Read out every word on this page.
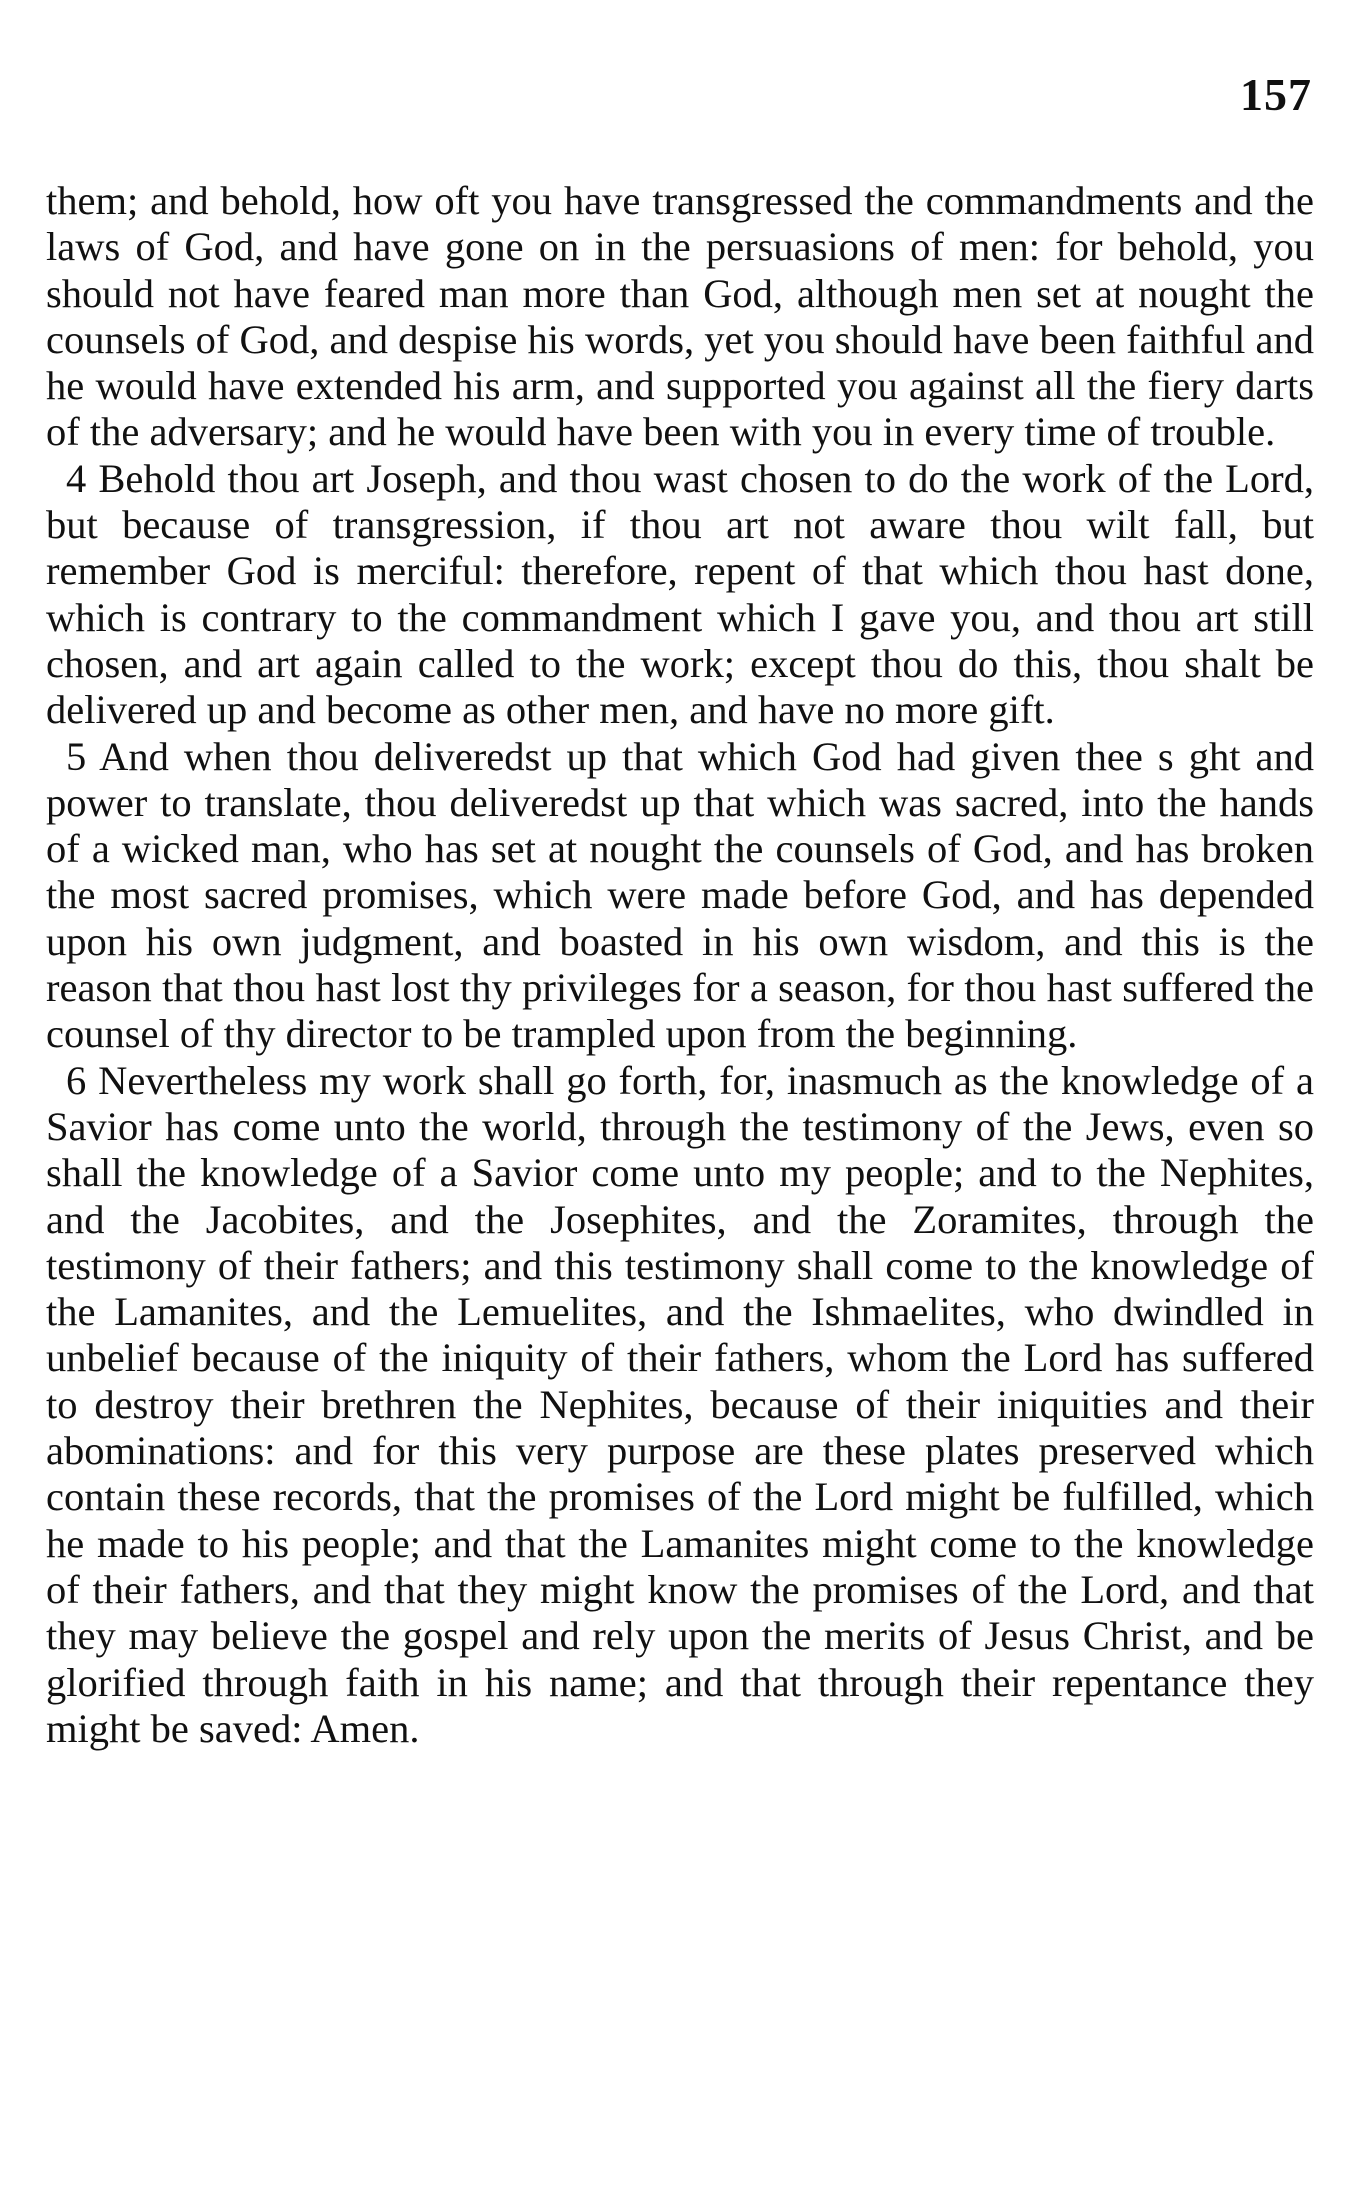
157

them; and behold, how oft you have transgressed the commandments and the laws of God, and have gone on in the persuasions of men: for behold, you should not have feared man more than God, although men set at nought the counsels of God, and despise his words, yet you should have been faithful and he would have extended his arm, and supported you against all the fiery darts of the adversary; and he would have been with you in every time of trouble.

4 Behold thou art Joseph, and thou wast chosen to do the work of the Lord, but because of transgression, if thou art not aware thou wilt fall, but remember God is merciful: therefore, repent of that which thou hast done, which is contrary to the commandment which I gave you, and thou art still chosen, and art again called to the work; except thou do this, thou shalt be delivered up and become as other men, and have no more gift.

5 And when thou deliveredst up that which God had given thee s ght and power to translate, thou deliveredst up that which was sacred, into the hands of a wicked man, who has set at nought the counsels of God, and has broken the most sacred promises, which were made before God, and has depended upon his own judgment, and boasted in his own wisdom, and this is the reason that thou hast lost thy privileges for a season, for thou hast suffered the counsel of thy director to be trampled upon from the beginning.

6 Nevertheless my work shall go forth, for, inasmuch as the knowledge of a Savior has come unto the world, through the testimony of the Jews, even so shall the knowledge of a Savior come unto my people; and to the Nephites, and the Jacobites, and the Josephites, and the Zoramites, through the testimony of their fathers; and this testimony shall come to the knowledge of the Lamanites, and the Lemuelites, and the Ishmaelites, who dwindled in unbelief because of the iniquity of their fathers, whom the Lord has suffered to destroy their brethren the Nephites, because of their iniquities and their abominations: and for this very purpose are these plates preserved which contain these records, that the promises of the Lord might be fulfilled, which he made to his people; and that the Lamanites might come to the knowledge of their fathers, and that they might know the promises of the Lord, and that they may believe the gospel and rely upon the merits of Jesus Christ, and be glorified through faith in his name; and that through their repentance they might be saved: Amen.
